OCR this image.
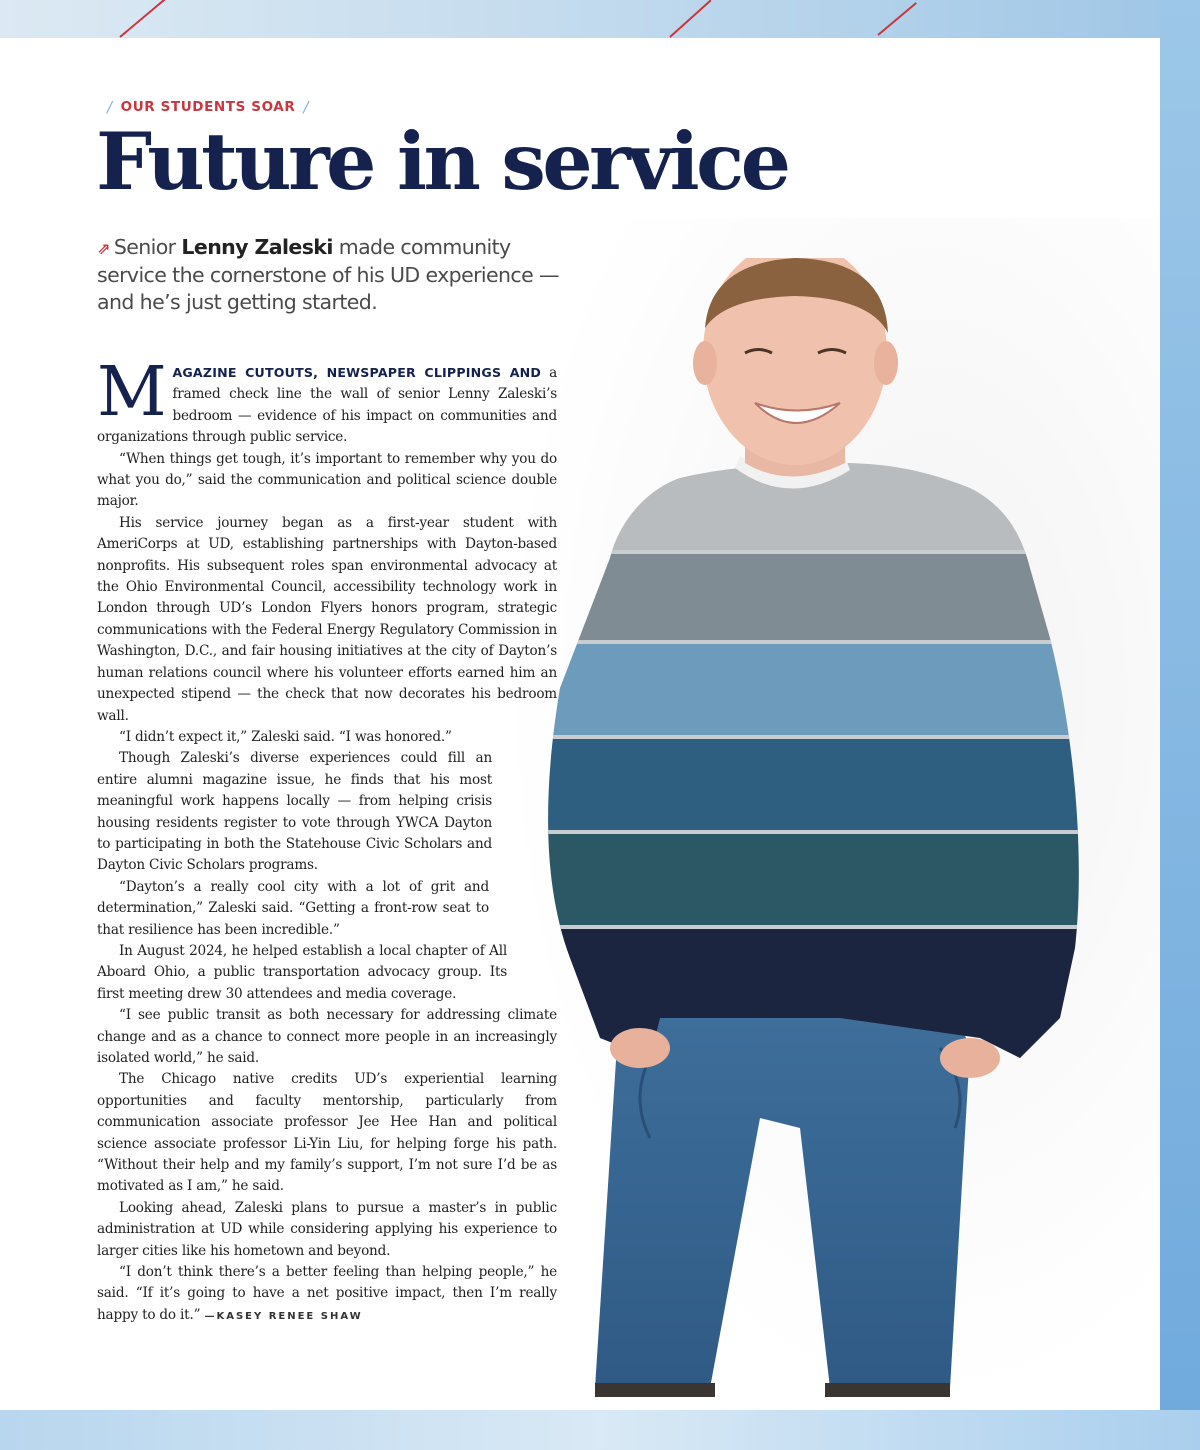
/ OUR STUDENTS SOAR /
Future in service

⇗ Senior Lenny Zaleski made community service the cornerstone of his UD experience — and he’s just getting started.

MAGAZINE CUTOUTS, NEWSPAPER CLIPPINGS AND a framed check line the wall of senior Lenny Zaleski’s bedroom — evidence of his impact on communities and organizations through public service.

“When things get tough, it’s important to remember why you do what you do,” said the communication and political science double major.

His service journey began as a first-year student with AmeriCorps at UD, establishing partnerships with Dayton-based nonprofits. His subsequent roles span environmental advocacy at the Ohio Environmental Council, accessibility technology work in London through UD’s London Flyers honors program, strategic communications with the Federal Energy Regulatory Commission in Washington, D.C., and fair housing initiatives at the city of Dayton’s human relations council where his volunteer efforts earned him an unexpected stipend — the check that now decorates his bedroom wall.

“I didn’t expect it,” Zaleski said. “I was honored.”

Though Zaleski’s diverse experiences could fill an entire alumni magazine issue, he finds that his most meaningful work happens locally — from helping crisis housing residents register to vote through YWCA Dayton to participating in both the Statehouse Civic Scholars and Dayton Civic Scholars programs.

“Dayton’s a really cool city with a lot of grit and determination,” Zaleski said. “Getting a front-row seat to that resilience has been incredible.”

In August 2024, he helped establish a local chapter of All Aboard Ohio, a public transportation advocacy group. Its first meeting drew 30 attendees and media coverage.

“I see public transit as both necessary for addressing climate change and as a chance to connect more people in an increasingly isolated world,” he said.

The Chicago native credits UD’s experiential learning opportunities and faculty mentorship, particularly from communication associate professor Jee Hee Han and political science associate professor Li-Yin Liu, for helping forge his path. “Without their help and my family’s support, I’m not sure I’d be as motivated as I am,” he said.

Looking ahead, Zaleski plans to pursue a master’s in public administration at UD while considering applying his experience to larger cities like his hometown and beyond.

“I don’t think there’s a better feeling than helping people,” he said. “If it’s going to have a net positive impact, then I’m really happy to do it.” —KASEY RENEE SHAW
